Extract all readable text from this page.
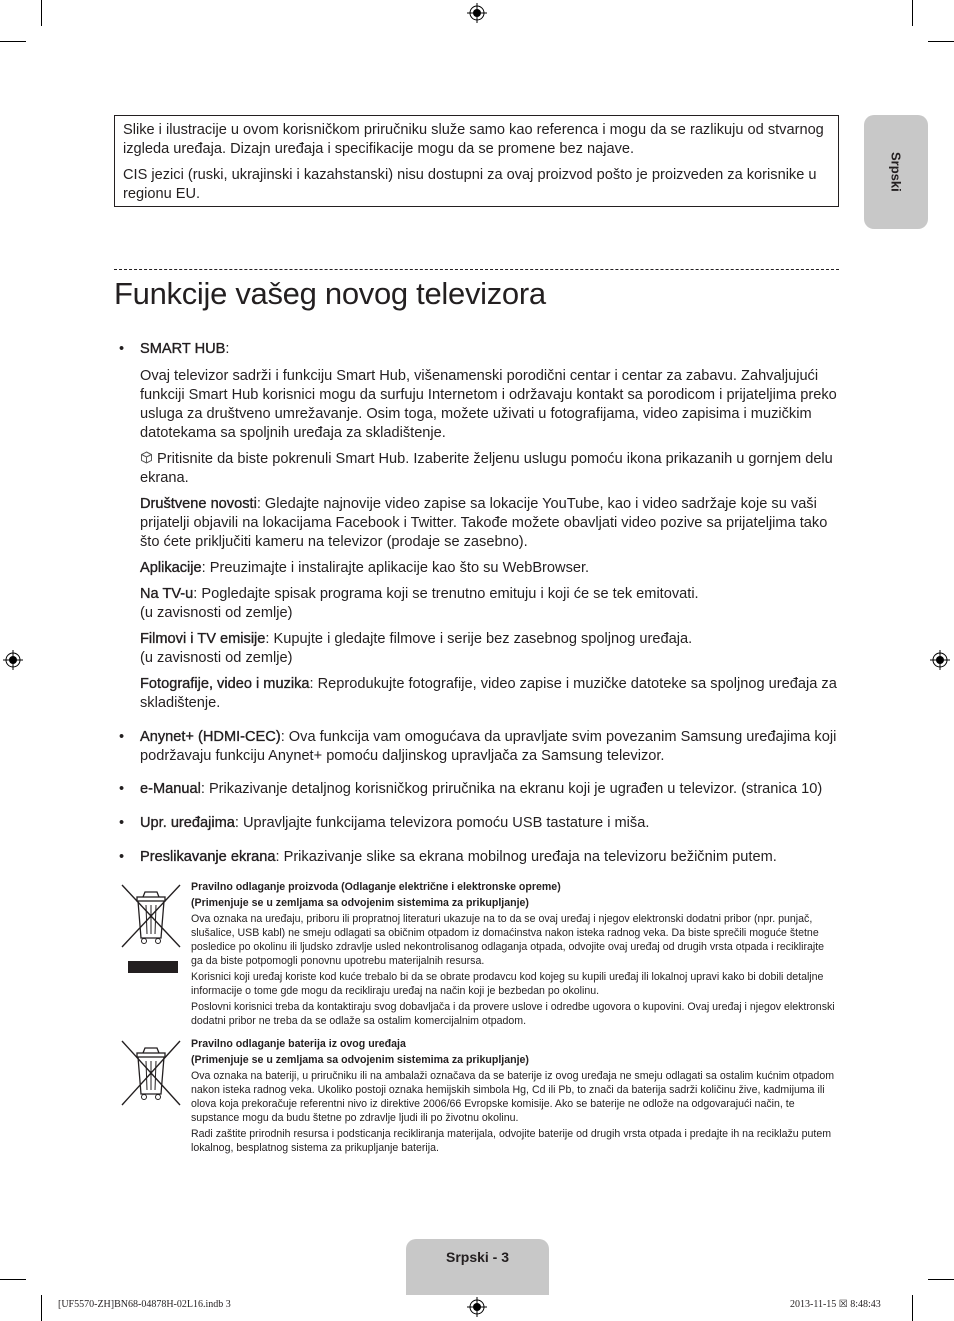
Srpski

Slike i ilustracije u ovom korisničkom priručniku služe samo kao referenca i mogu da se razlikuju od stvarnog izgleda uređaja. Dizajn uređaja i specifikacije mogu da se promene bez najave.

CIS jezici (ruski, ukrajinski i kazahstanski) nisu dostupni za ovaj proizvod pošto je proizveden za korisnike u regionu EU.

Funkcije vašeg novog televizora

• SMART HUB:

Ovaj televizor sadrži i funkciju Smart Hub, višenamenski porodični centar i centar za zabavu. Zahvaljujući funkciji Smart Hub korisnici mogu da surfuju Internetom i održavaju kontakt sa porodicom i prijateljima preko usluga za društveno umrežavanje. Osim toga, možete uživati u fotografijama, video zapisima i muzičkim datotekama sa spoljnih uređaja za skladištenje.

Pritisnite da biste pokrenuli Smart Hub. Izaberite željenu uslugu pomoću ikona prikazanih u gornjem delu ekrana.

Društvene novosti: Gledajte najnovije video zapise sa lokacije YouTube, kao i video sadržaje koje su vaši prijatelji objavili na lokacijama Facebook i Twitter. Takođe možete obavljati video pozive sa prijateljima tako što ćete priključiti kameru na televizor (prodaje se zasebno).

Aplikacije: Preuzimajte i instalirajte aplikacije kao što su WebBrowser.

Na TV-u: Pogledajte spisak programa koji se trenutno emituju i koji će se tek emitovati.
(u zavisnosti od zemlje)

Filmovi i TV emisije: Kupujte i gledajte filmove i serije bez zasebnog spoljnog uređaja.
(u zavisnosti od zemlje)

Fotografije, video i muzika: Reprodukujte fotografije, video zapise i muzičke datoteke sa spoljnog uređaja za skladištenje.

• Anynet+ (HDMI-CEC): Ova funkcija vam omogućava da upravljate svim povezanim Samsung uređajima koji podržavaju funkciju Anynet+ pomoću daljinskog upravljača za Samsung televizor.

• e-Manual: Prikazivanje detaljnog korisničkog priručnika na ekranu koji je ugrađen u televizor. (stranica 10)

• Upr. uređajima: Upravljajte funkcijama televizora pomoću USB tastature i miša.

• Preslikavanje ekrana: Prikazivanje slike sa ekrana mobilnog uređaja na televizoru bežičnim putem.

Pravilno odlaganje proizvoda (Odlaganje električne i elektronske opreme)

(Primenjuje se u zemljama sa odvojenim sistemima za prikupljanje)

Ova oznaka na uređaju, priboru ili propratnoj literaturi ukazuje na to da se ovaj uređaj i njegov elektronski dodatni pribor (npr. punjač, slušalice, USB kabl) ne smeju odlagati sa običnim otpadom iz domaćinstva nakon isteka radnog veka. Da biste sprečili moguće štetne posledice po okolinu ili ljudsko zdravlje usled nekontrolisanog odlaganja otpada, odvojite ovaj uređaj od drugih vrsta otpada i reciklirajte ga da biste potpomogli ponovnu upotrebu materijalnih resursa.

Korisnici koji uređaj koriste kod kuće trebalo bi da se obrate prodavcu kod kojeg su kupili uređaj ili lokalnoj upravi kako bi dobili detaljne informacije o tome gde mogu da recikliraju uređaj na način koji je bezbedan po okolinu.

Poslovni korisnici treba da kontaktiraju svog dobavljača i da provere uslove i odredbe ugovora o kupovini. Ovaj uređaj i njegov elektronski dodatni pribor ne treba da se odlaže sa ostalim komercijalnim otpadom.

Pravilno odlaganje baterija iz ovog uređaja

(Primenjuje se u zemljama sa odvojenim sistemima za prikupljanje)

Ova oznaka na bateriji, u priručniku ili na ambalaži označava da se baterije iz ovog uređaja ne smeju odlagati sa ostalim kućnim otpadom nakon isteka radnog veka. Ukoliko postoji oznaka hemijskih simbola Hg, Cd ili Pb, to znači da baterija sadrži količinu žive, kadmijuma ili olova koja prekoračuje referentni nivo iz direktive 2006/66 Evropske komisije. Ako se baterije ne odlože na odgovarajući način, te supstance mogu da budu štetne po zdravlje ljudi ili po životnu okolinu.

Radi zaštite prirodnih resursa i podsticanja recikliranja materijala, odvojite baterije od drugih vrsta otpada i predajte ih na reciklažu putem lokalnog, besplatnog sistema za prikupljanje baterija.

Srpski - 3
[UF5570-ZH]BN68-04878H-02L16.indb 3	2013-11-15 ☒ 8:48:43
